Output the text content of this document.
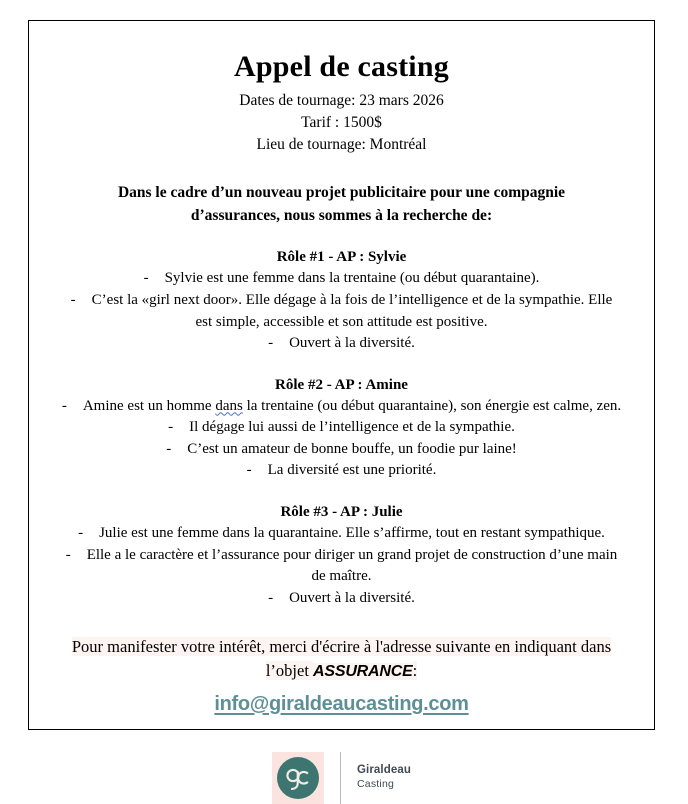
Appel de casting

Dates de tournage: 23 mars 2026

Tarif : 1500$

Lieu de tournage: Montréal

Dans le cadre d’un nouveau projet publicitaire pour une compagnie d’assurances, nous sommes à la recherche de:

Rôle #1 - AP : Sylvie

- Sylvie est une femme dans la trentaine (ou début quarantaine).

- C’est la «girl next door». Elle dégage à la fois de l’intelligence et de la sympathie. Elle est simple, accessible et son attitude est positive.

- Ouvert à la diversité.

Rôle #2 - AP : Amine

- Amine est un homme dans la trentaine (ou début quarantaine), son énergie est calme, zen.

- Il dégage lui aussi de l’intelligence et de la sympathie.

- C’est un amateur de bonne bouffe, un foodie pur laine!

- La diversité est une priorité.

Rôle #3 - AP : Julie

- Julie est une femme dans la quarantaine. Elle s’affirme, tout en restant sympathique.

- Elle a le caractère et l’assurance pour diriger un grand projet de construction d’une main de maître.

- Ouvert à la diversité.

Pour manifester votre intérêt, merci d'écrire à l'adresse suivante en indiquant dans l’objet ASSURANCE:

info@giraldeaucasting.com
Giraldeau
Casting
